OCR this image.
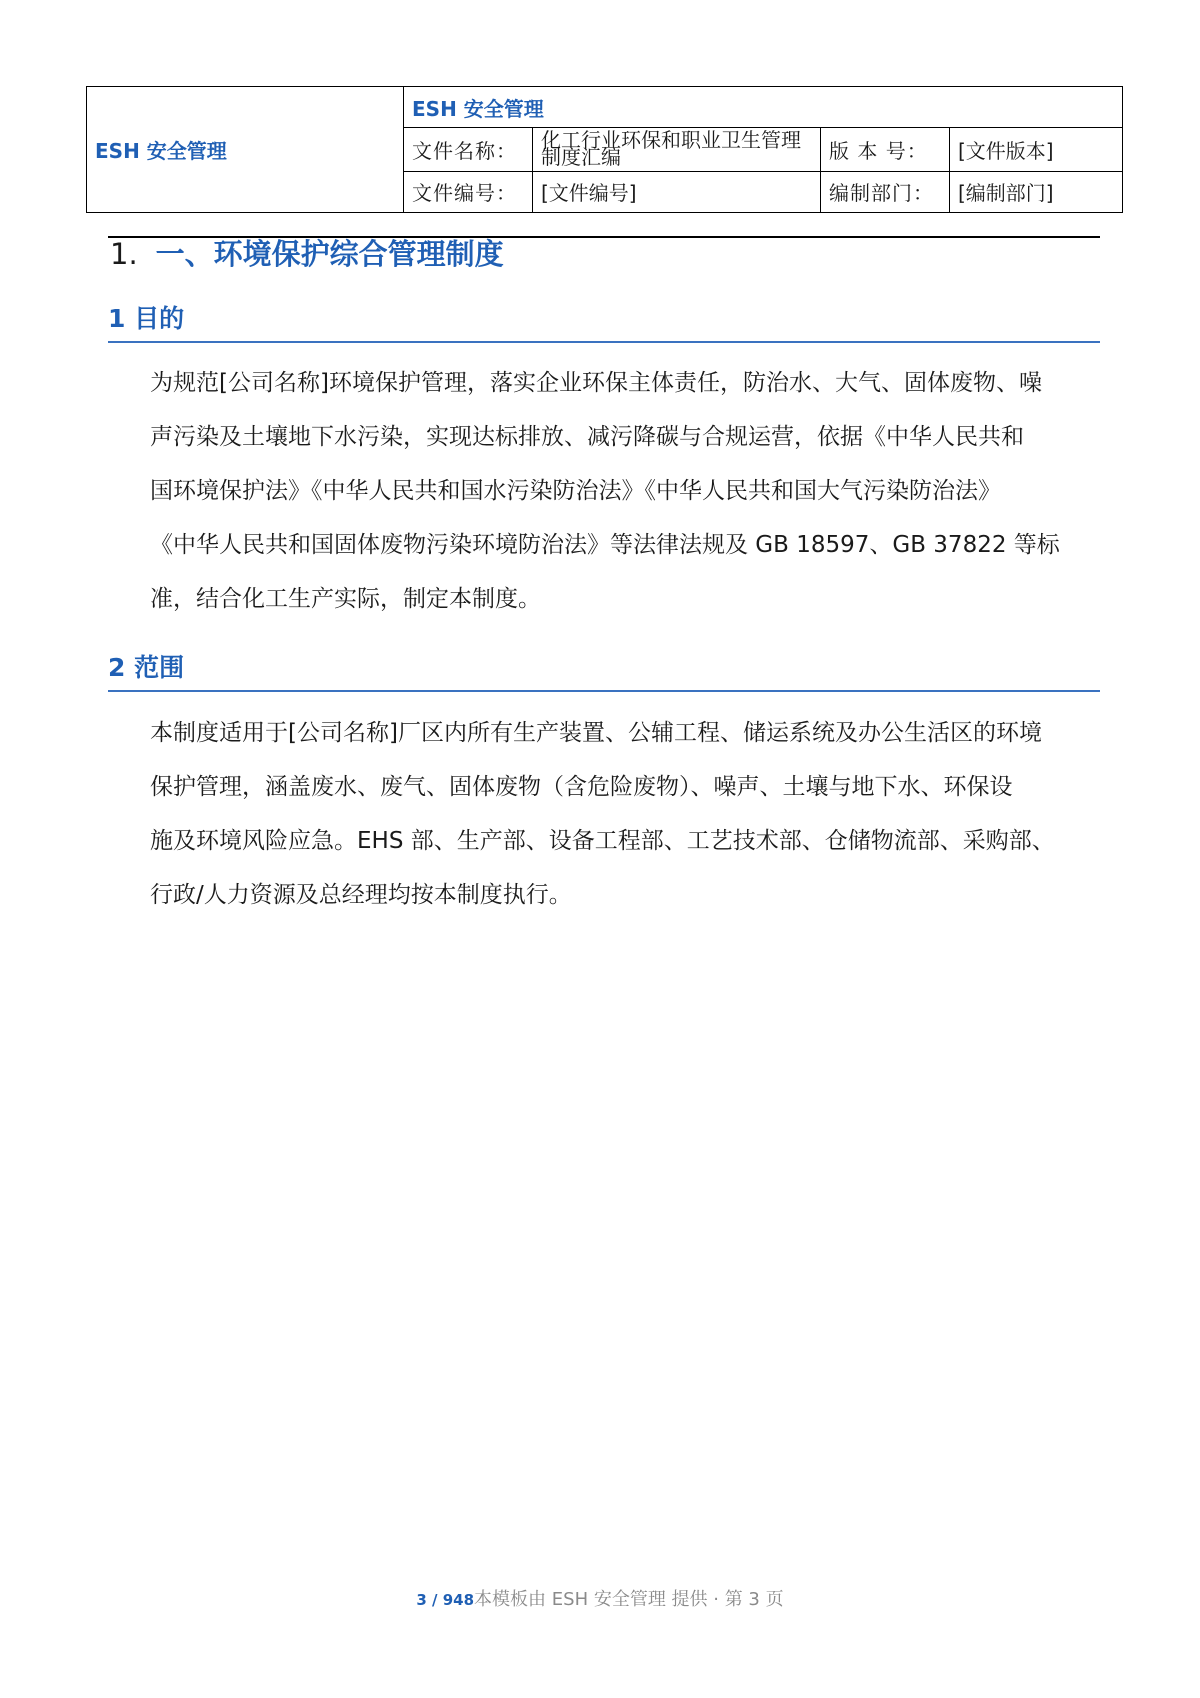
ESH 安全管理	ESH 安全管理			
	文件名称：	化工行业环保和职业卫生管理制度汇编	版 本 号：	[文件版本]
	文件编号：	[文件编号]	编制部门：	[编制部门]
1. 一、环境保护综合管理制度
1 目的
为规范[公司名称]环境保护管理，落实企业环保主体责任，防治水、大气、固体废物、噪
声污染及土壤地下水污染，实现达标排放、减污降碳与合规运营，依据《中华人民共和
国环境保护法》《中华人民共和国水污染防治法》《中华人民共和国大气污染防治法》
《中华人民共和国固体废物污染环境防治法》等法律法规及 GB 18597、GB 37822 等标
准，结合化工生产实际，制定本制度。
2 范围
本制度适用于[公司名称]厂区内所有生产装置、公辅工程、储运系统及办公生活区的环境
保护管理，涵盖废水、废气、固体废物（含危险废物）、噪声、土壤与地下水、环保设
施及环境风险应急。EHS 部、生产部、设备工程部、工艺技术部、仓储物流部、采购部、
行政/人力资源及总经理均按本制度执行。
3 / 948本模板由 ESH 安全管理 提供 · 第 3 页
